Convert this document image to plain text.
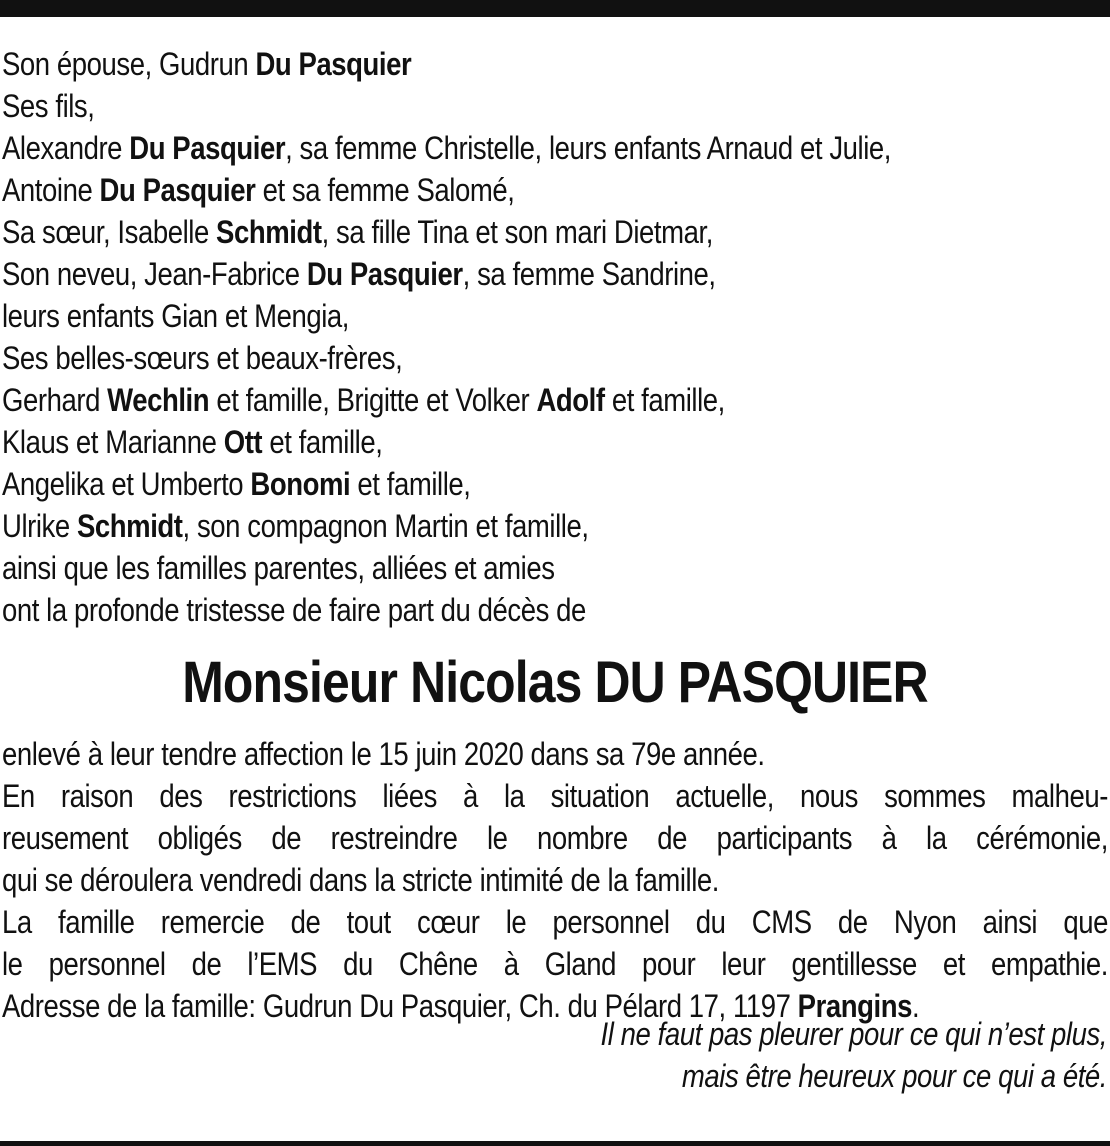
Son épouse, Gudrun Du Pasquier
Ses fils,
Alexandre Du Pasquier, sa femme Christelle, leurs enfants Arnaud et Julie,
Antoine Du Pasquier et sa femme Salomé,
Sa sœur, Isabelle Schmidt, sa fille Tina et son mari Dietmar,
Son neveu, Jean-Fabrice Du Pasquier, sa femme Sandrine,
leurs enfants Gian et Mengia,
Ses belles-sœurs et beaux-frères,
Gerhard Wechlin et famille, Brigitte et Volker Adolf et famille,
Klaus et Marianne Ott et famille,
Angelika et Umberto Bonomi et famille,
Ulrike Schmidt, son compagnon Martin et famille,
ainsi que les familles parentes, alliées et amies
ont la profonde tristesse de faire part du décès de
Monsieur Nicolas DU PASQUIER
enlevé à leur tendre affection le 15 juin 2020 dans sa 79e année.
En raison des restrictions liées à la situation actuelle, nous sommes malheu-
reusement obligés de restreindre le nombre de participants à la cérémonie,
qui se déroulera vendredi dans la stricte intimité de la famille.
La famille remercie de tout cœur le personnel du CMS de Nyon ainsi que
le personnel de l’EMS du Chêne à Gland pour leur gentillesse et empathie.
Adresse de la famille: Gudrun Du Pasquier, Ch. du Pélard 17, 1197 Prangins.
Il ne faut pas pleurer pour ce qui n’est plus,
mais être heureux pour ce qui a été.
